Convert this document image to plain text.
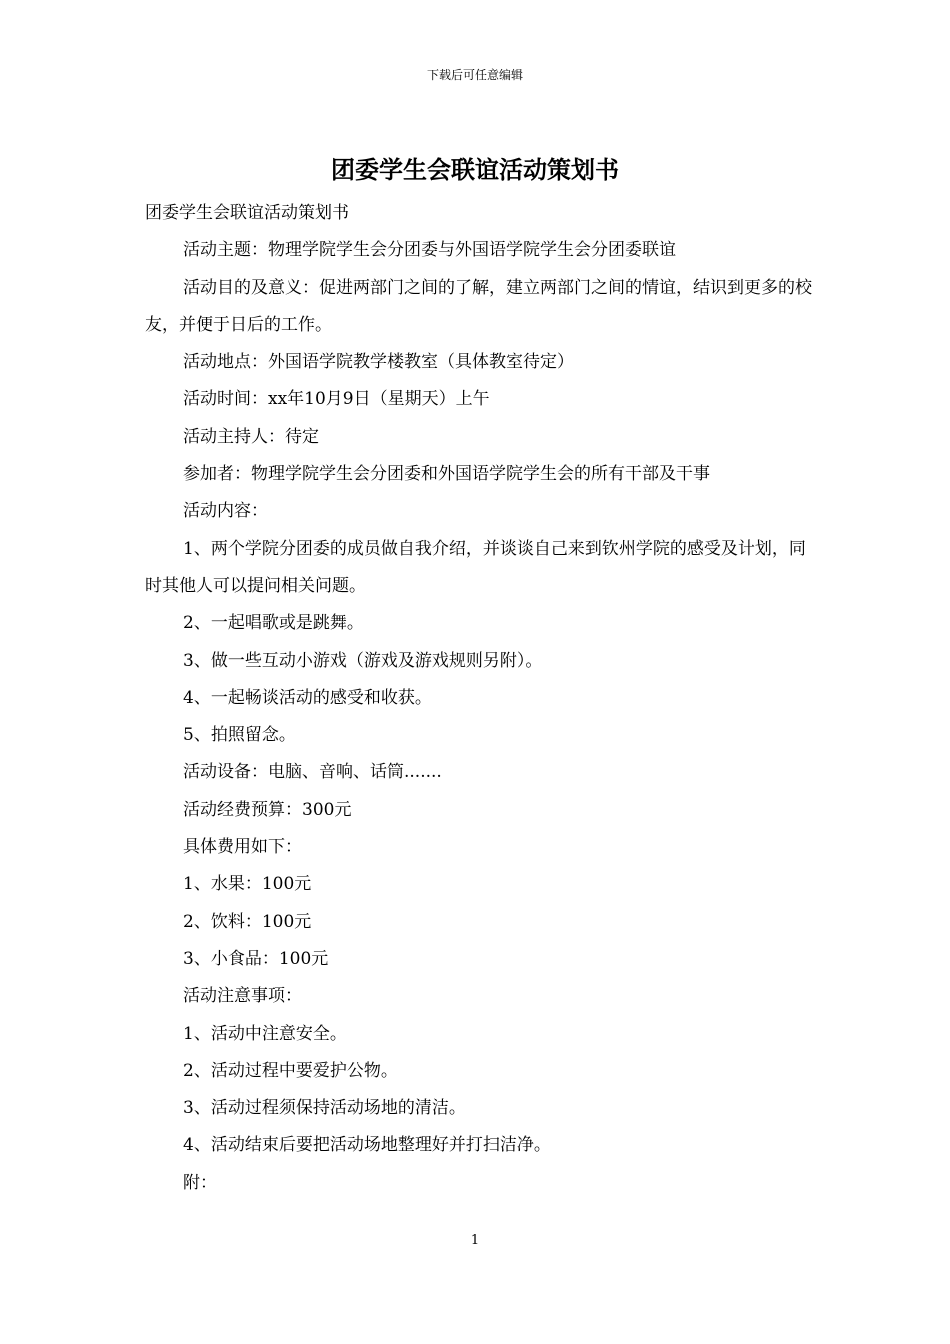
下载后可任意编辑
团委学生会联谊活动策划书

团委学生会联谊活动策划书

活动主题：物理学院学生会分团委与外国语学院学生会分团委联谊

活动目的及意义：促进两部门之间的了解，建立两部门之间的情谊，结识到更多的校友，并便于日后的工作。

活动地点：外国语学院教学楼教室（具体教室待定）

活动时间：xx年10月9日（星期天）上午

活动主持人：待定

参加者：物理学院学生会分团委和外国语学院学生会的所有干部及干事

活动内容：

1、两个学院分团委的成员做自我介绍，并谈谈自己来到钦州学院的感受及计划，同时其他人可以提问相关问题。

2、一起唱歌或是跳舞。

3、做一些互动小游戏（游戏及游戏规则另附）。

4、一起畅谈活动的感受和收获。

5、拍照留念。

活动设备：电脑、音响、话筒.......

活动经费预算：300元

具体费用如下：

1、水果：100元

2、饮料：100元

3、小食品：100元

活动注意事项：

1、活动中注意安全。

2、活动过程中要爱护公物。

3、活动过程须保持活动场地的清洁。

4、活动结束后要把活动场地整理好并打扫洁净。

附：

1
